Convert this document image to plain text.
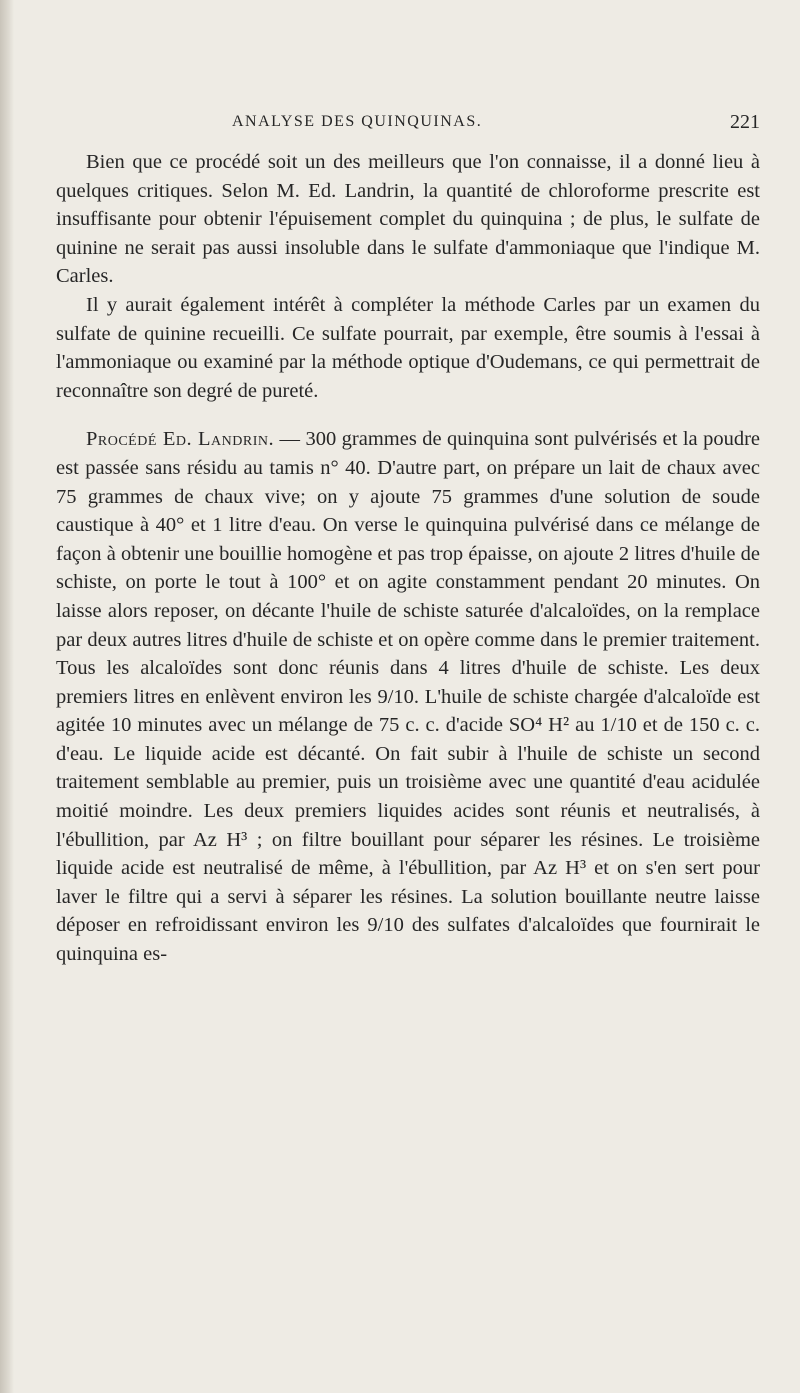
ANALYSE DES QUINQUINAS.	221

Bien que ce procédé soit un des meilleurs que l'on connaisse, il a donné lieu à quelques critiques. Selon M. Ed. Landrin, la quantité de chloroforme prescrite est insuffisante pour obtenir l'épuisement complet du quinquina ; de plus, le sulfate de quinine ne serait pas aussi insoluble dans le sulfate d'ammoniaque que l'indique M. Carles.

Il y aurait également intérêt à compléter la méthode Carles par un examen du sulfate de quinine recueilli. Ce sulfate pourrait, par exemple, être soumis à l'essai à l'ammoniaque ou examiné par la méthode optique d'Oudemans, ce qui permettrait de reconnaître son degré de pureté.

Procédé Ed. Landrin. — 300 grammes de quinquina sont pulvérisés et la poudre est passée sans résidu au tamis n° 40. D'autre part, on prépare un lait de chaux avec 75 grammes de chaux vive; on y ajoute 75 grammes d'une solution de soude caustique à 40° et 1 litre d'eau. On verse le quinquina pulvérisé dans ce mélange de façon à obtenir une bouillie homogène et pas trop épaisse, on ajoute 2 litres d'huile de schiste, on porte le tout à 100° et on agite constamment pendant 20 minutes. On laisse alors reposer, on décante l'huile de schiste saturée d'alcaloïdes, on la remplace par deux autres litres d'huile de schiste et on opère comme dans le premier traitement. Tous les alcaloïdes sont donc réunis dans 4 litres d'huile de schiste. Les deux premiers litres en enlèvent environ les 9/10. L'huile de schiste chargée d'alcaloïde est agitée 10 minutes avec un mélange de 75 c. c. d'acide SO⁴ H² au 1/10 et de 150 c. c. d'eau. Le liquide acide est décanté. On fait subir à l'huile de schiste un second traitement semblable au premier, puis un troisième avec une quantité d'eau acidulée moitié moindre. Les deux premiers liquides acides sont réunis et neutralisés, à l'ébullition, par Az H³ ; on filtre bouillant pour séparer les résines. Le troisième liquide acide est neutralisé de même, à l'ébullition, par Az H³ et on s'en sert pour laver le filtre qui a servi à séparer les résines. La solution bouillante neutre laisse déposer en refroidissant environ les 9/10 des sulfates d'alcaloïdes que fournirait le quinquina es-
